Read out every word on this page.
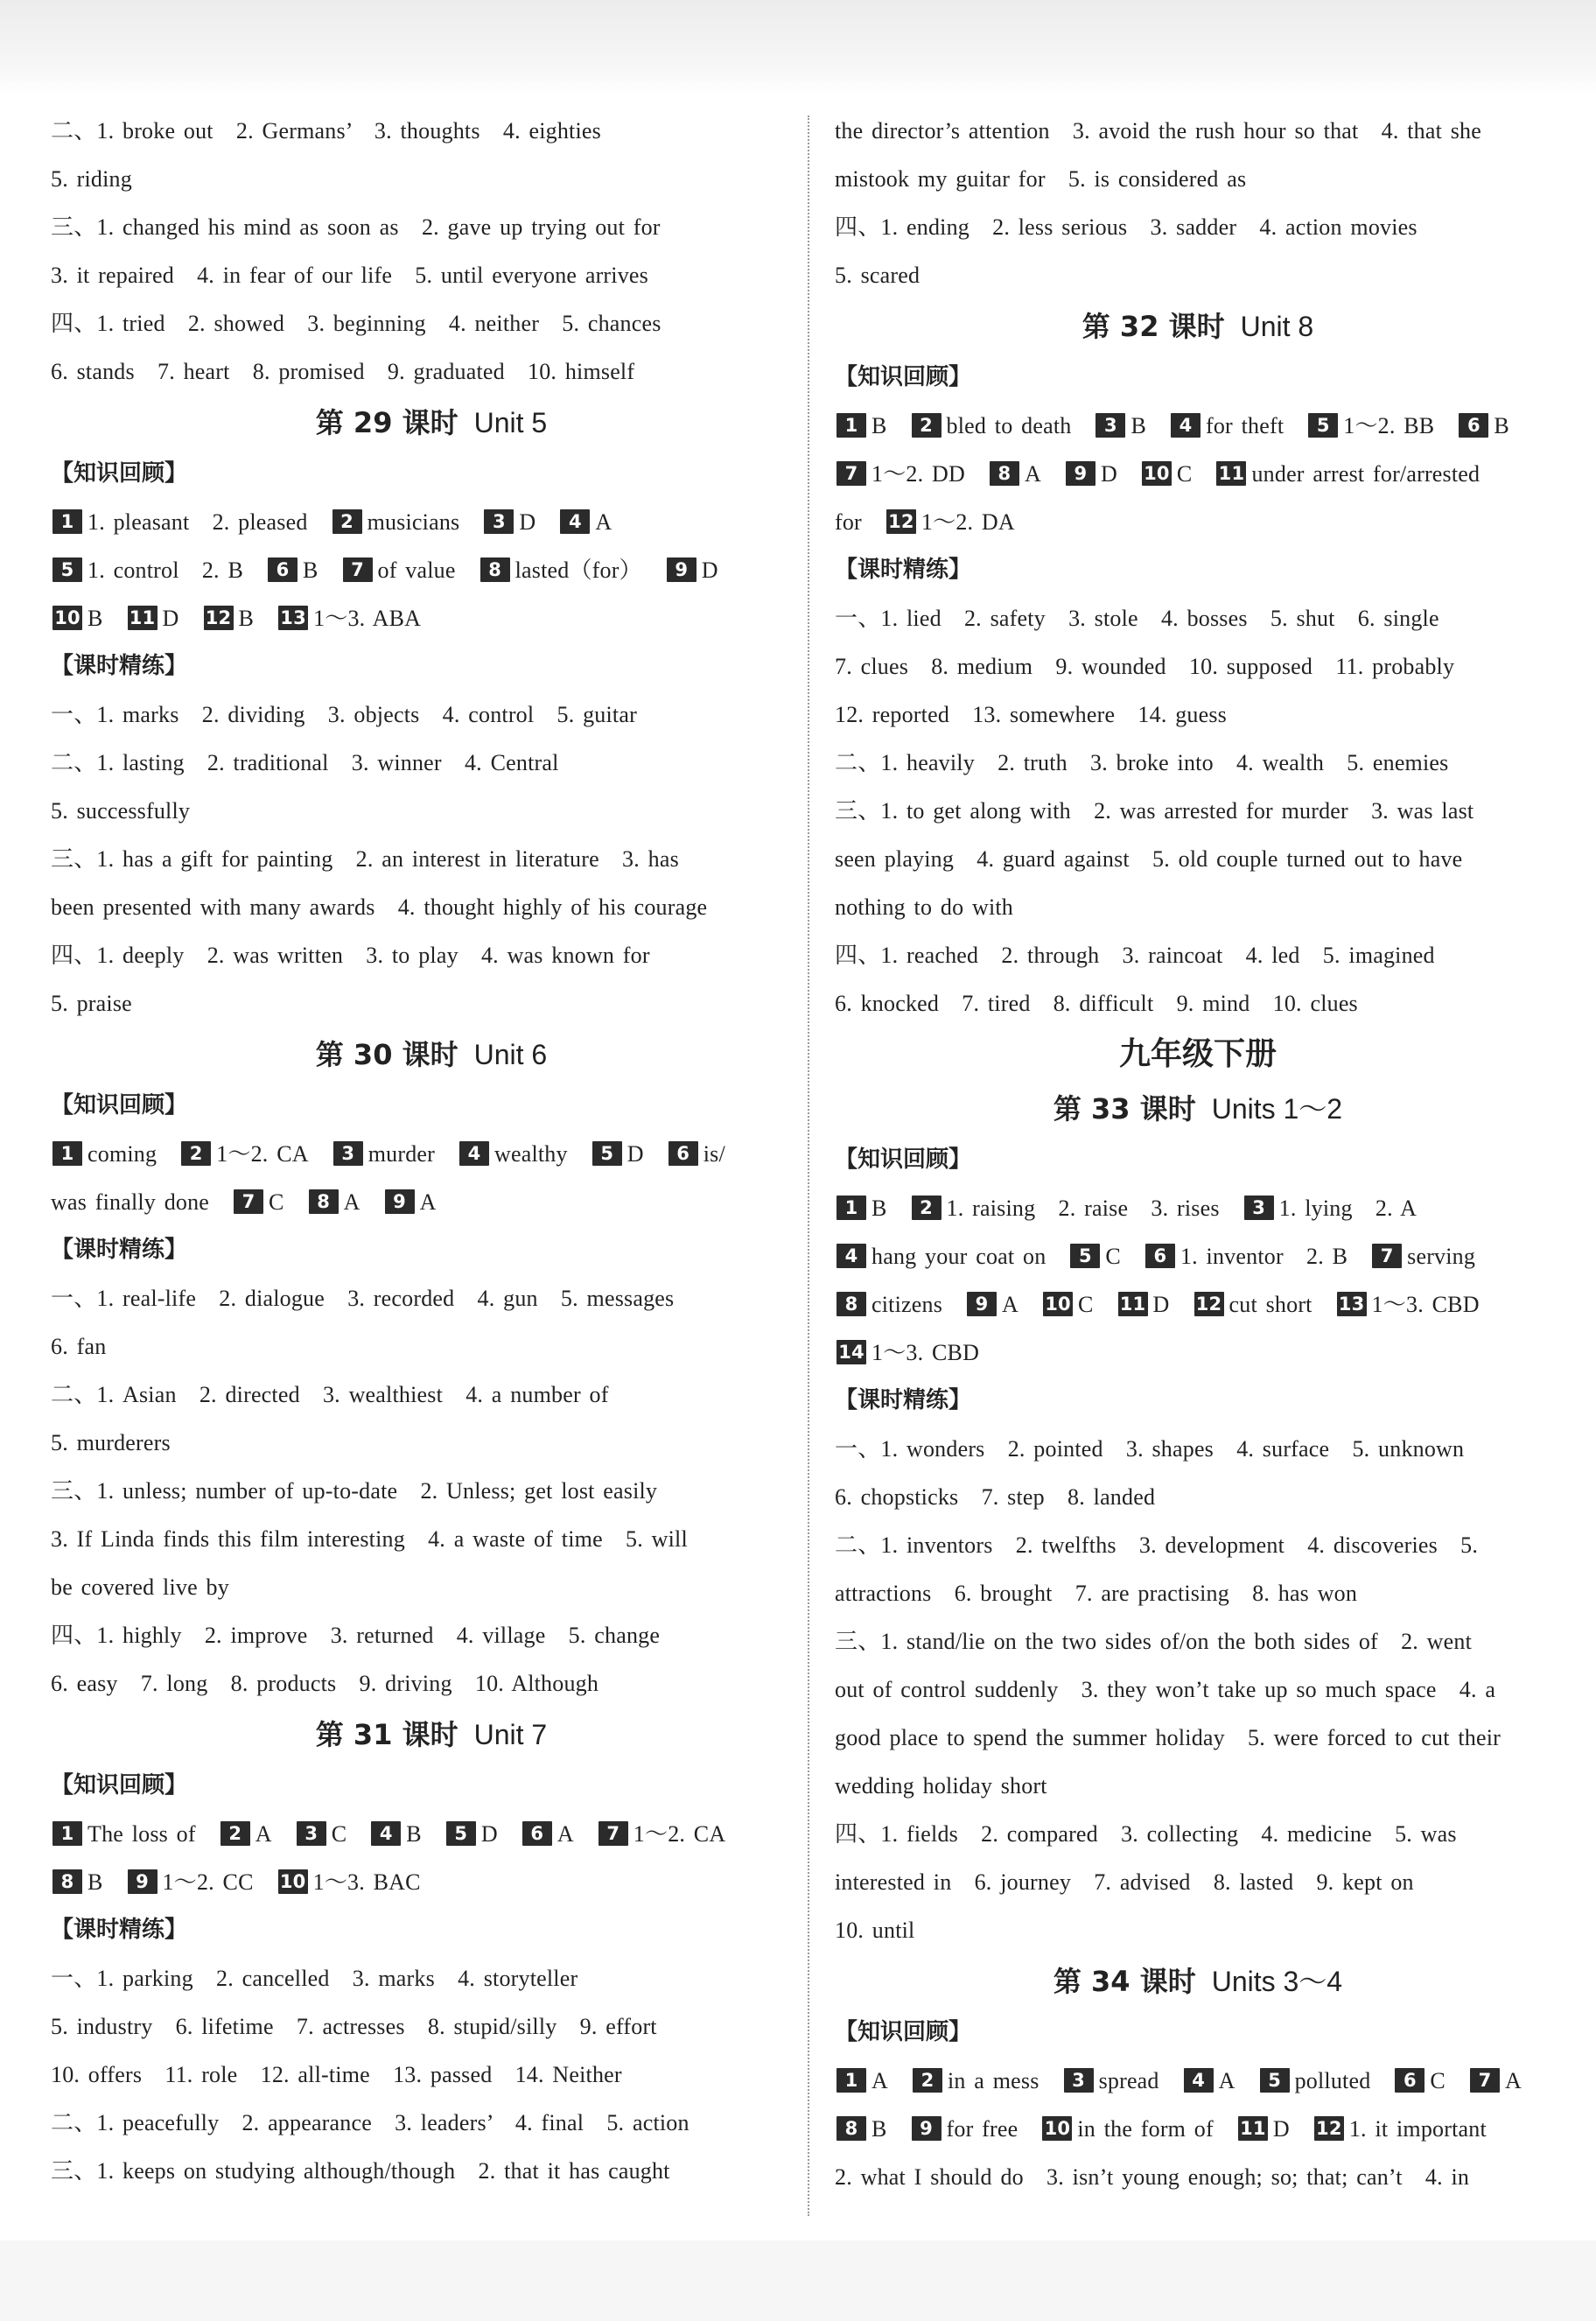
二、1. broke out　2. Germans’　3. thoughts　4. eighties
5. riding
三、1. changed his mind as soon as　2. gave up trying out for
3. it repaired　4. in fear of our life　5. until everyone arrives
四、1. tried　2. showed　3. beginning　4. neither　5. chances
6. stands　7. heart　8. promised　9. graduated　10. himself
第 29 课时 Unit 5
【知识回顾】
1 1. pleasant　2. pleased 2 musicians 3 D 4 A
5 1. control　2. B 6 B 7 of value 8 lasted（for） 9 D
10 B 11 D 12 B 13 1～3. ABA
【课时精练】
一、1. marks　2. dividing　3. objects　4. control　5. guitar
二、1. lasting　2. traditional　3. winner　4. Central
5. successfully
三、1. has a gift for painting　2. an interest in literature　3. has
been presented with many awards　4. thought highly of his courage
四、1. deeply　2. was written　3. to play　4. was known for
5. praise
第 30 课时 Unit 6
【知识回顾】
1 coming 2 1～2. CA 3 murder 4 wealthy 5 D 6 is/
was finally done 7 C 8 A 9 A
【课时精练】
一、1. real-life　2. dialogue　3. recorded　4. gun　5. messages
6. fan
二、1. Asian　2. directed　3. wealthiest　4. a number of
5. murderers
三、1. unless; number of up-to-date　2. Unless; get lost easily
3. If Linda finds this film interesting　4. a waste of time　5. will
be covered live by
四、1. highly　2. improve　3. returned　4. village　5. change
6. easy　7. long　8. products　9. driving　10. Although
第 31 课时 Unit 7
【知识回顾】
1 The loss of 2 A 3 C 4 B 5 D 6 A 7 1～2. CA
8 B 9 1～2. CC 10 1～3. BAC
【课时精练】
一、1. parking　2. cancelled　3. marks　4. storyteller
5. industry　6. lifetime　7. actresses　8. stupid/silly　9. effort
10. offers　11. role　12. all-time　13. passed　14. Neither
二、1. peacefully　2. appearance　3. leaders’　4. final　5. action
三、1. keeps on studying although/though　2. that it has caught
the director’s attention　3. avoid the rush hour so that　4. that she
mistook my guitar for　5. is considered as
四、1. ending　2. less serious　3. sadder　4. action movies
5. scared
第 32 课时 Unit 8
【知识回顾】
1 B 2 bled to death 3 B 4 for theft 5 1～2. BB 6 B
7 1～2. DD 8 A 9 D 10 C 11 under arrest for/arrested
for 12 1～2. DA
【课时精练】
一、1. lied　2. safety　3. stole　4. bosses　5. shut　6. single
7. clues　8. medium　9. wounded　10. supposed　11. probably
12. reported　13. somewhere　14. guess
二、1. heavily　2. truth　3. broke into　4. wealth　5. enemies
三、1. to get along with　2. was arrested for murder　3. was last
seen playing　4. guard against　5. old couple turned out to have
nothing to do with
四、1. reached　2. through　3. raincoat　4. led　5. imagined
6. knocked　7. tired　8. difficult　9. mind　10. clues
九年级下册
第 33 课时 Units 1～2
【知识回顾】
1 B 2 1. raising　2. raise　3. rises 3 1. lying　2. A
4 hang your coat on 5 C 6 1. inventor　2. B 7 serving
8 citizens 9 A 10 C 11 D 12 cut short 13 1～3. CBD
14 1～3. CBD
【课时精练】
一、1. wonders　2. pointed　3. shapes　4. surface　5. unknown
6. chopsticks　7. step　8. landed
二、1. inventors　2. twelfths　3. development　4. discoveries　5.
attractions　6. brought　7. are practising　8. has won
三、1. stand/lie on the two sides of/on the both sides of　2. went
out of control suddenly　3. they won’t take up so much space　4. a
good place to spend the summer holiday　5. were forced to cut their
wedding holiday short
四、1. fields　2. compared　3. collecting　4. medicine　5. was
interested in　6. journey　7. advised　8. lasted　9. kept on
10. until
第 34 课时 Units 3～4
【知识回顾】
1 A 2 in a mess 3 spread 4 A 5 polluted 6 C 7 A
8 B 9 for free 10 in the form of 11 D 12 1. it important
2. what I should do　3. isn’t young enough; so; that; can’t　4. in
